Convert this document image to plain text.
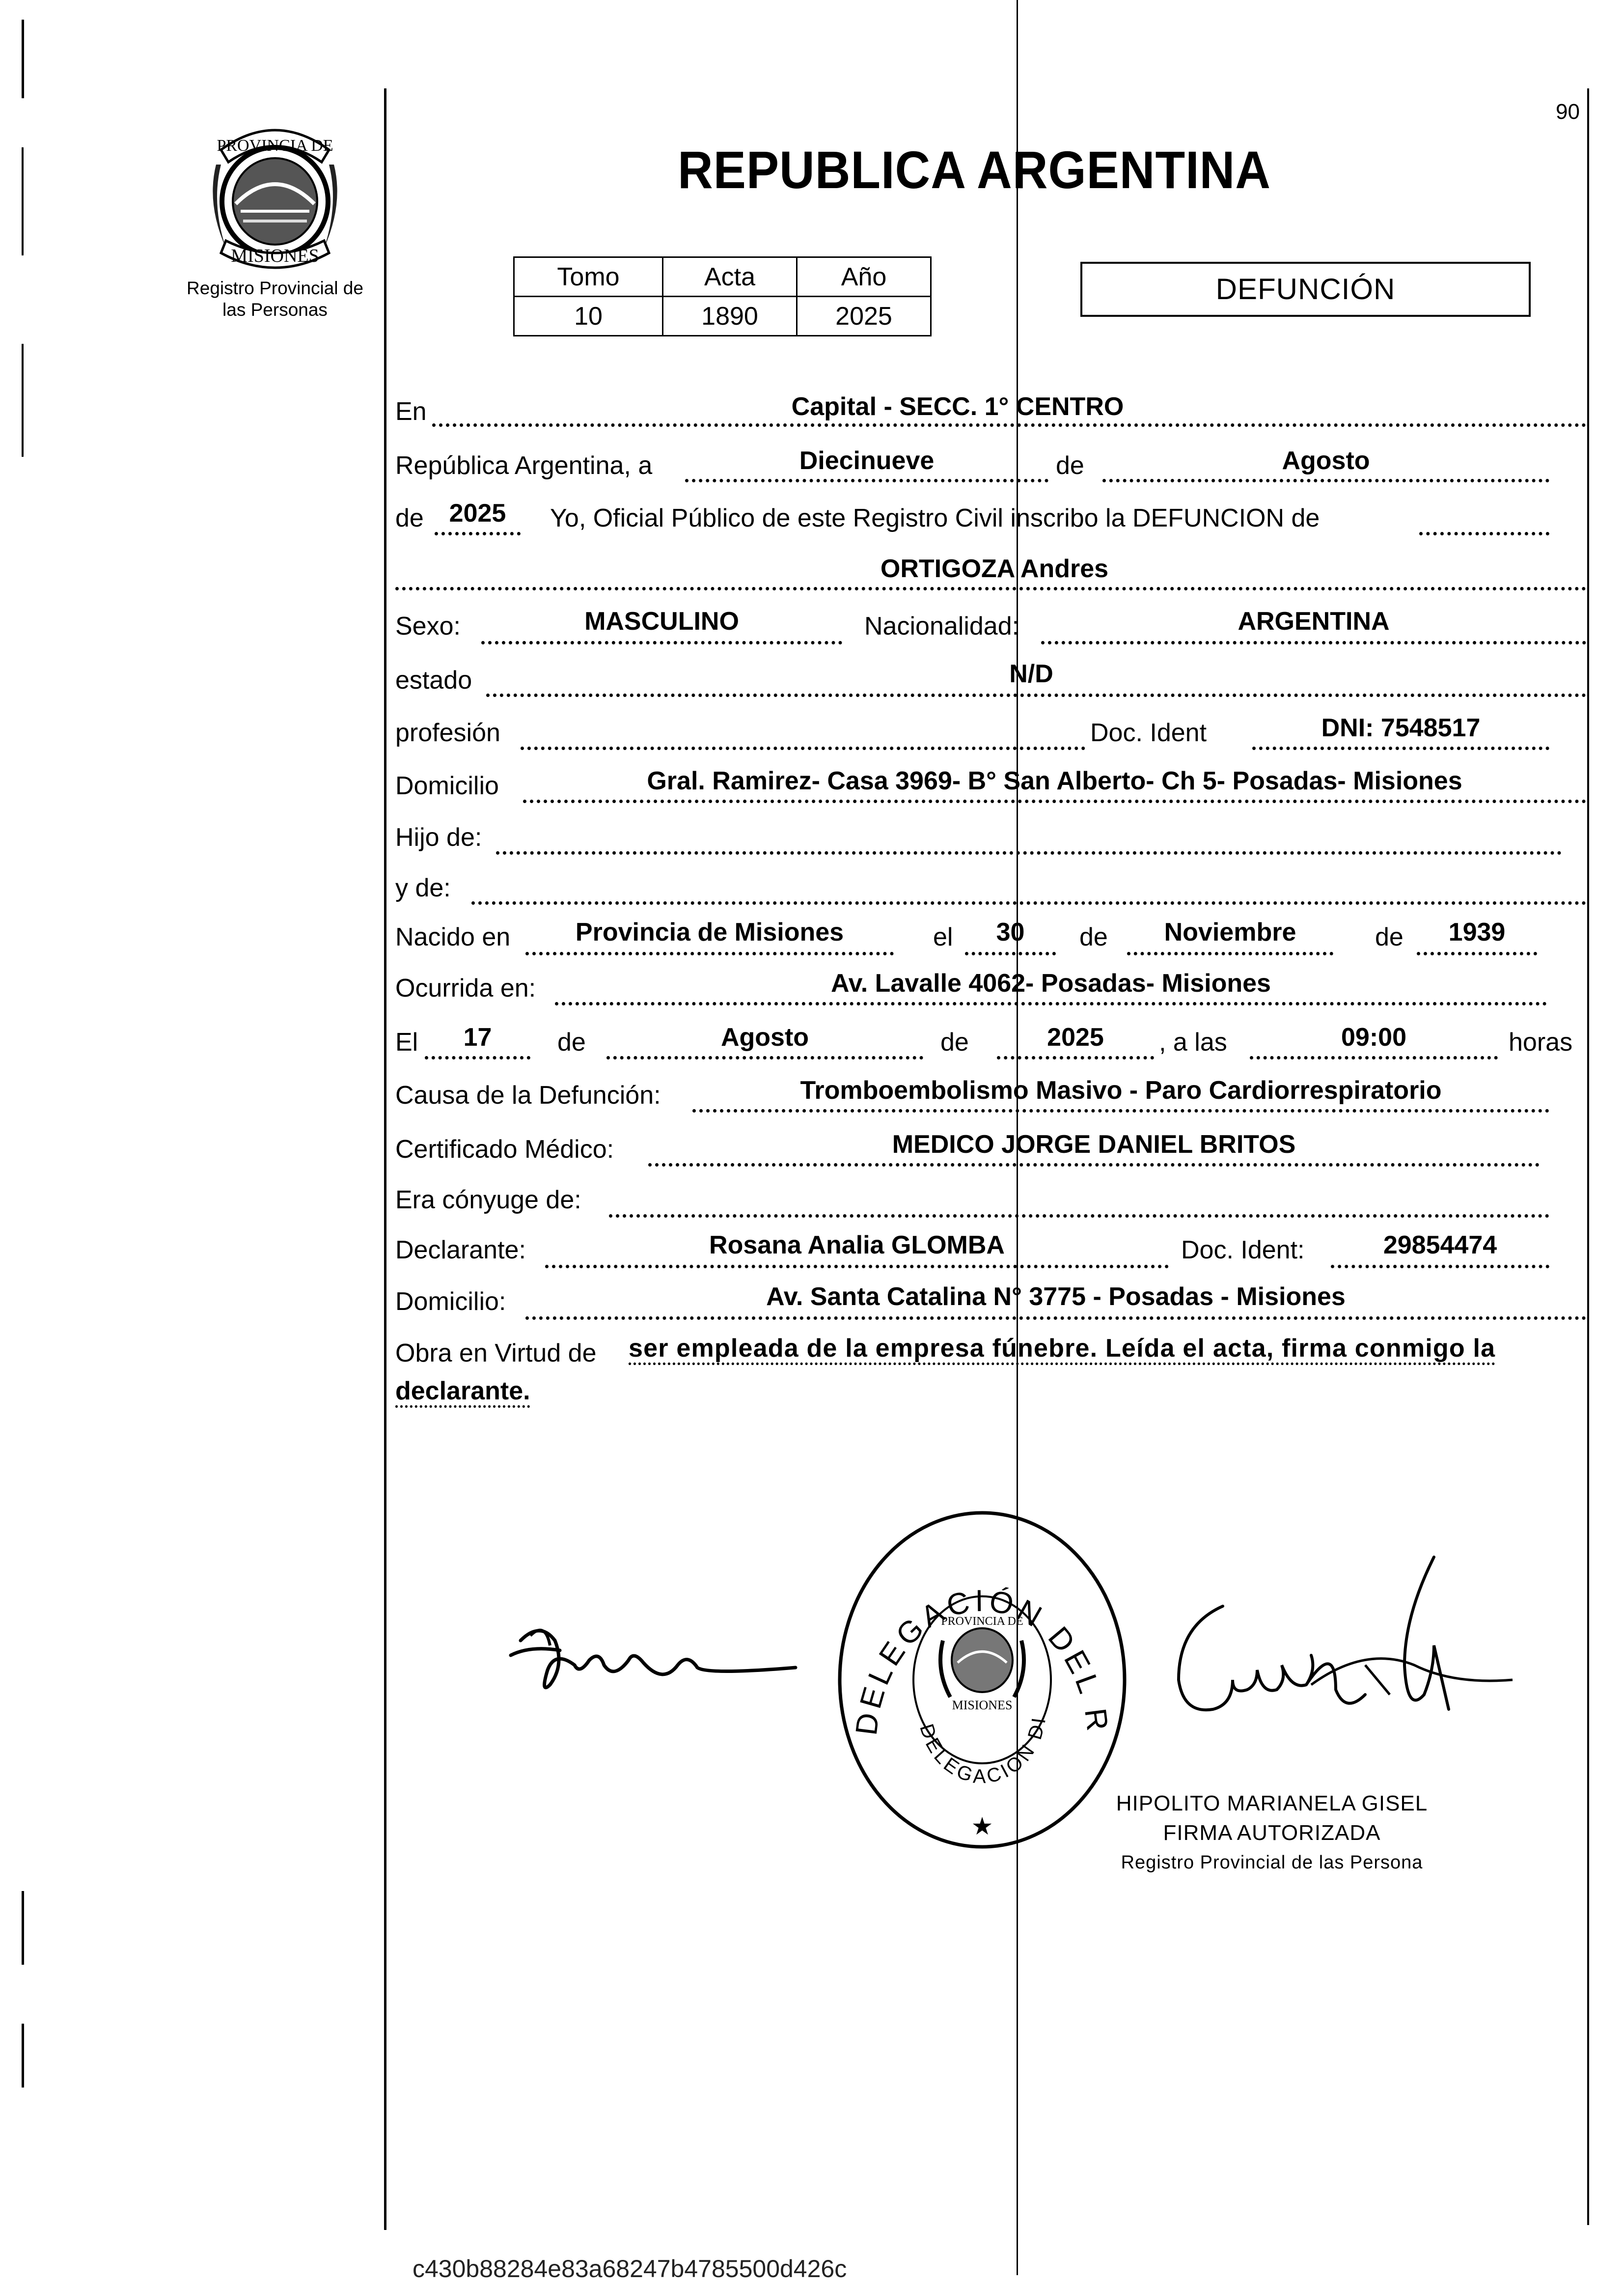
PROVINCIA DE
MISIONES
Registro Provincial de
las Personas
90
REPUBLICA ARGENTINA
Tomo	Acta	Año
10	1890	2025
DEFUNCIÓN
En	Capital - SECC. 1° CENTRO
República Argentina, a	Diecinueve	de	Agosto
de 2025	Yo, Oficial Público de este Registro Civil inscribo la DEFUNCION de
ORTIGOZA Andres
Sexo:	MASCULINO	Nacionalidad:	ARGENTINA
estado	N/D
profesión	Doc. Ident	DNI: 7548517
Domicilio	Gral. Ramirez- Casa 3969- B° San Alberto- Ch 5- Posadas- Misiones
Hijo de:
y de:
Nacido en	Provincia de Misiones	el	30	de	Noviembre	de	1939
Ocurrida en:	Av. Lavalle 4062- Posadas- Misiones
El	17	de	Agosto	de	2025	, a las	09:00	horas
Causa de la Defunción:	Tromboembolismo Masivo - Paro Cardiorrespiratorio
Certificado Médico:	MEDICO JORGE DANIEL BRITOS
Era cónyuge de:
Declarante:	Rosana Analia GLOMBA	Doc. Ident:	29854474
Domicilio:	Av. Santa Catalina N° 3775 - Posadas - Misiones
Obra en Virtud de ser empleada de la empresa fúnebre. Leída el acta, firma conmigo la
declarante.
DELEGACIÓN DEL R
DELEGACION DI
PROVINCIA DE
MISIONES
★
HIPOLITO MARIANELA GISEL
FIRMA AUTORIZADA
Registro Provincial de las Persona
c430b88284e83a68247b4785500d426c
